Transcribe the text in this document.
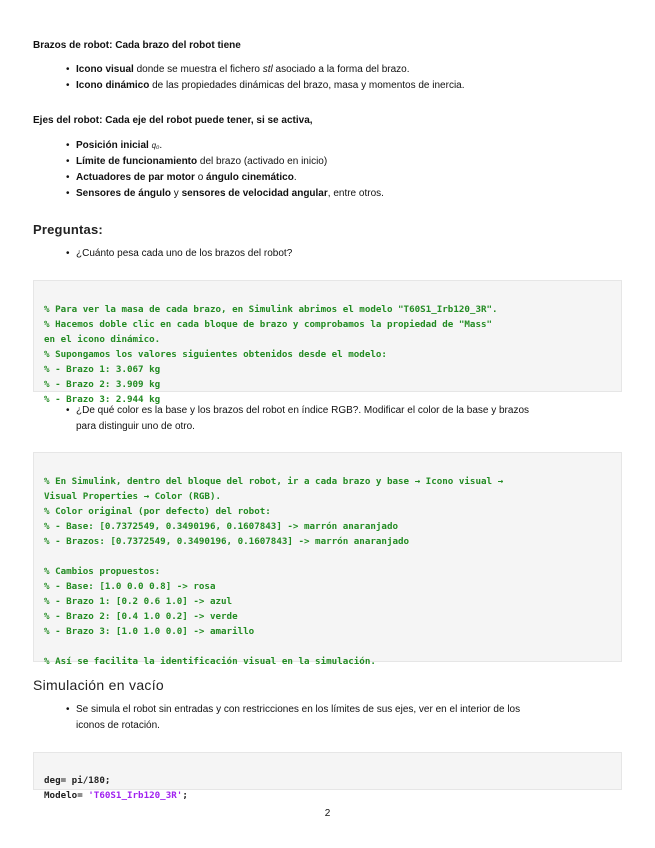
Brazos de robot: Cada brazo del robot tiene
• Icono visual donde se muestra el fichero stl asociado a la forma del brazo.
• Icono dinámico de las propiedades dinámicas del brazo, masa y momentos de inercia.
Ejes del robot: Cada eje del robot puede tener, si se activa,
• Posición inicial q₀.
• Límite de funcionamiento del brazo (activado en inicio)
• Actuadores de par motor o ángulo cinemático.
• Sensores de ángulo y sensores de velocidad angular, entre otros.
Preguntas:
• ¿Cuánto pesa cada uno de los brazos del robot?

% Para ver la masa de cada brazo, en Simulink abrimos el modelo "T60S1_Irb120_3R".
% Hacemos doble clic en cada bloque de brazo y comprobamos la propiedad de "Mass"
en el icono dinámico.
% Supongamos los valores siguientes obtenidos desde el modelo:
% - Brazo 1: 3.067 kg
% - Brazo 2: 3.909 kg
% - Brazo 3: 2.944 kg
• ¿De qué color es la base y los brazos del robot en índice RGB?. Modificar el color de la base y brazos
para distinguir uno de otro.

% En Simulink, dentro del bloque del robot, ir a cada brazo y base → Icono visual →
Visual Properties → Color (RGB).
% Color original (por defecto) del robot:
% - Base: [0.7372549, 0.3490196, 0.1607843] -> marrón anaranjado
% - Brazos: [0.7372549, 0.3490196, 0.1607843] -> marrón anaranjado

% Cambios propuestos:
% - Base: [1.0 0.0 0.8] -> rosa
% - Brazo 1: [0.2 0.6 1.0] -> azul
% - Brazo 2: [0.4 1.0 0.2] -> verde
% - Brazo 3: [1.0 1.0 0.0] -> amarillo

% Así se facilita la identificación visual en la simulación.
Simulación en vacío
• Se simula el robot sin entradas y con restricciones en los límites de sus ejes, ver en el interior de los
iconos de rotación.

deg= pi/180;
Modelo= 'T60S1_Irb120_3R';
2
